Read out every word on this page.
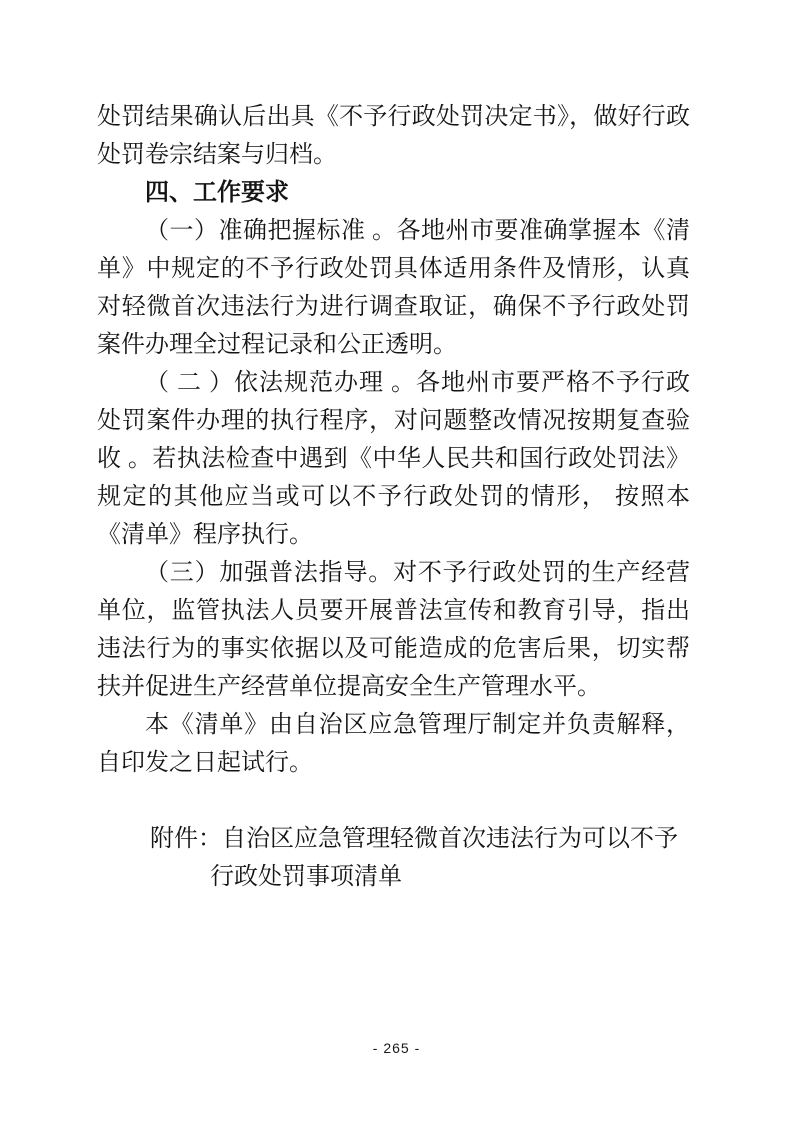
处罚结果确认后出具《不予行政处罚决定书》，做好行政处罚卷宗结案与归档。

四、工作要求

（一）准确把握标准 。各地州市要准确掌握本《清单》中规定的不予行政处罚具体适用条件及情形，认真对轻微首次违法行为进行调查取证，确保不予行政处罚案件办理全过程记录和公正透明。

（ 二 ）依法规范办理 。各地州市要严格不予行政处罚案件办理的执行程序，对问题整改情况按期复查验收 。若执法检查中遇到《中华人民共和国行政处罚法》规定的其他应当或可以不予行政处罚的情形， 按照本《清单》程序执行。

（三）加强普法指导。对不予行政处罚的生产经营单位，监管执法人员要开展普法宣传和教育引导，指出违法行为的事实依据以及可能造成的危害后果，切实帮扶并促进生产经营单位提高安全生产管理水平。

本《清单》由自治区应急管理厅制定并负责解释，自印发之日起试行。

附件：自治区应急管理轻微首次违法行为可以不予行政处罚事项清单

- 265 -
